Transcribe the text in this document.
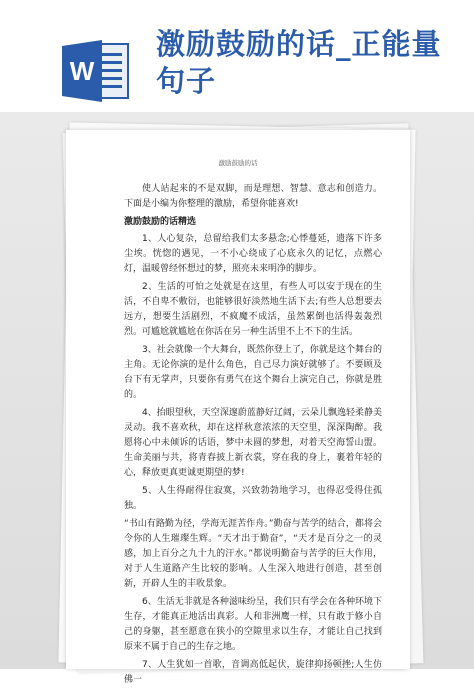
W
激励鼓励的话_正能量句子
激励鼓励的话

使人站起来的不是双脚，而是理想、智慧、意志和创造力。下面是小编为你整理的激励，希望你能喜欢!

激励鼓励的话精选

1、人心复杂，总留给我们太多悬念;心悸蔓延，遗落下许多尘埃。恍惚的遇见，一不小心绕成了心底永久的记忆，点燃心灯，温暖曾经怀想过的梦，照亮未来明净的脚步。

2、生活的可怕之处就是在这里，有些人可以安于现在的生活，不自卑不敷衍，也能够很好淡然地生活下去;有些人总想要去远方，想要生活剧烈，不疯魔不成活，虽然累倒也活得轰轰烈烈。可尴尬就尴尬在你活在另一种生活里不上不下的生活。

3、社会就像一个大舞台，既然你登上了，你就是这个舞台的主角。无论你演的是什么角色，自己尽力演好就够了。不要顾及台下有无掌声，只要你有勇气在这个舞台上演完自己，你就是胜的。

4、抬眼望秋，天空深邃蔚蓝静好辽阔，云朵儿飘逸轻柔静美灵动。我不喜欢秋，却在这样秋意浓浓的天空里，深深陶醉。我愿将心中未倾诉的话语，梦中未圆的梦想，对着天空海誓山盟。生命美丽与共，将青春披上新衣裳，穿在我的身上，裹着年轻的心，释放更真更诚更期望的梦!

5、人生得耐得住寂寞，兴致勃勃地学习，也得忍受得住孤独。

“书山有路勤为径，学海无涯苦作舟。”勤奋与苦学的结合，都将会令你的人生璀璨生辉。“天才出于勤奋”，“天才是百分之一的灵感，加上百分之九十九的汗水。”都说明勤奋与苦学的巨大作用，对于人生道路产生比较的影响。人生深入地进行创造，甚至创新，开辟人生的丰收景象。

6、生活无非就是各种滋味纷呈，我们只有学会在各种环境下生存，才能真正地活出真彩。人和非洲鹰一样，只有敢于修小自己的身躯，甚至愿意在狭小的空隙里求以生存，才能让自己找到原来不属于自己的生存之地。

7、人生犹如一首歌，音调高低起伏，旋律抑扬顿挫;人生仿佛一
